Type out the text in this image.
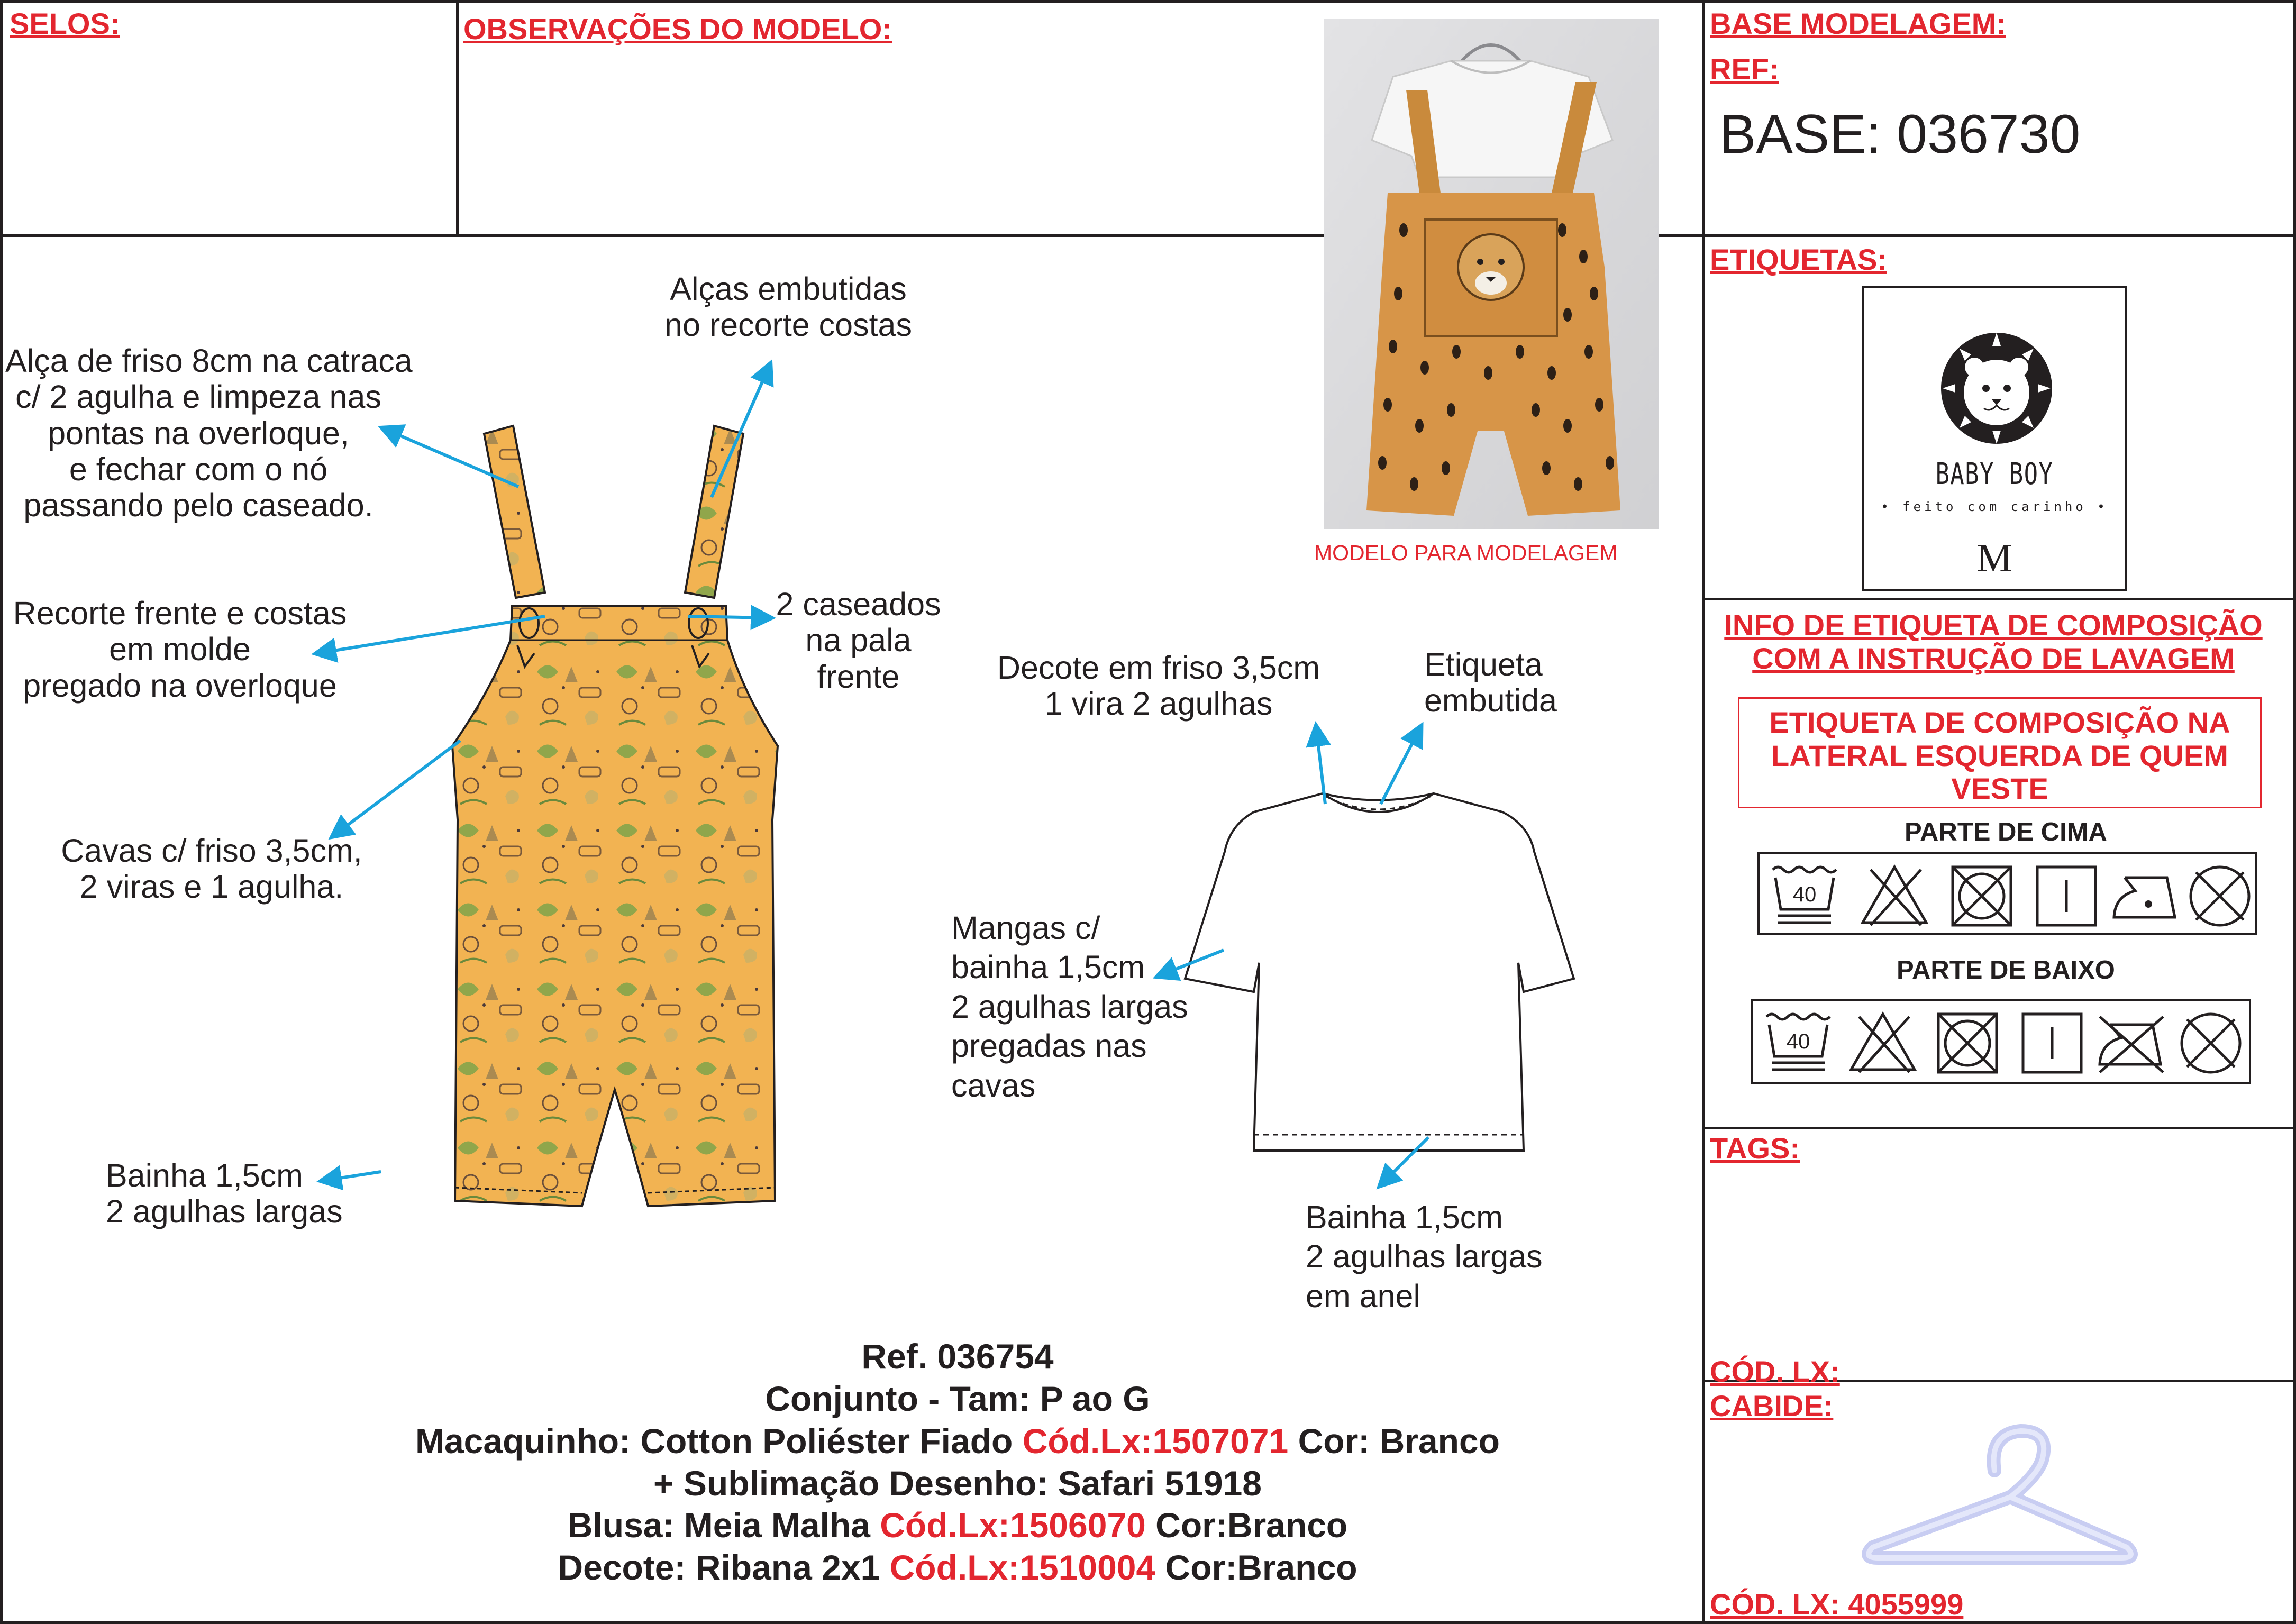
SELOS:	OBSERVAÇÕES DO MODELO:	BASE MODELAGEM:
REF:
BASE: 036730
ETIQUETAS:
TAGS:
CÓD. LX:
CABIDE:
CÓD. LX: 4055999
MODELO PARA MODELAGEM
Alça de friso 8cm na catraca
c/ 2 agulha e limpeza nas
pontas na overloque,
e fechar com o nó
passando pelo caseado.
Alças embutidas
no recorte costas
Recorte frente e costas
em molde
pregado na overloque
2 caseados
na pala
frente
Cavas c/ friso 3,5cm,
2 viras e 1 agulha.
Bainha 1,5cm
2 agulhas largas
Decote em friso 3,5cm
1 vira 2 agulhas
Etiqueta
embutida
Mangas c/
bainha 1,5cm
2 agulhas largas
pregadas nas
cavas
Bainha 1,5cm
2 agulhas largas
em anel
Ref. 036754
Conjunto - Tam: P ao G
Macaquinho: Cotton Poliéster Fiado Cód.Lx:1507071 Cor: Branco
+ Sublimação Desenho: Safari 51918
Blusa: Meia Malha Cód.Lx:1506070 Cor:Branco
Decote: Ribana 2x1 Cód.Lx:1510004 Cor:Branco
BABY BOY
• feito com carinho •
M
INFO DE ETIQUETA DE COMPOSIÇÃO
COM A INSTRUÇÃO DE LAVAGEM
ETIQUETA DE COMPOSIÇÃO NA
LATERAL ESQUERDA DE QUEM
VESTE
PARTE DE CIMA
40
PARTE DE BAIXO
40
